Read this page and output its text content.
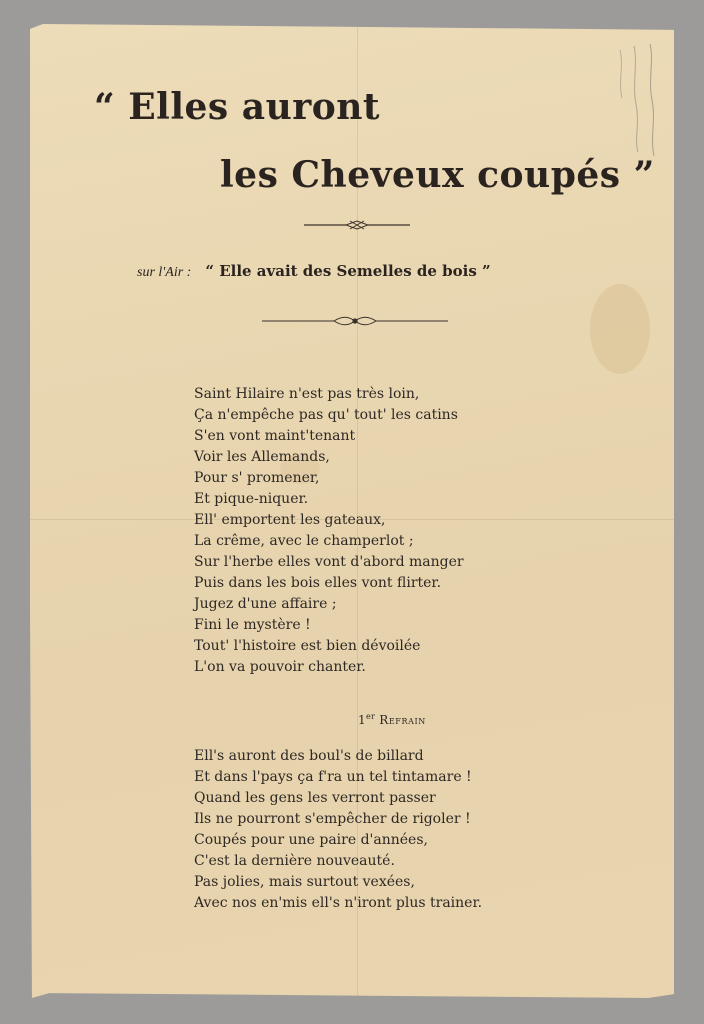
“ Elles auront
les Cheveux coupés ”
sur l'Air : “ Elle avait des Semelles de bois ”
Saint Hilaire n'est pas très loin,
Ça n'empêche pas qu' tout' les catins
S'en vont maint'tenant
Voir les Allemands,
Pour s' promener,
Et pique-niquer.
Ell' emportent les gateaux,
La crême, avec le champerlot ;
Sur l'herbe elles vont d'abord manger
Puis dans les bois elles vont flirter.
Jugez d'une affaire ;
Fini le mystère !
Tout' l'histoire est bien dévoilée
L'on va pouvoir chanter.
1er Refrain
Ell's auront des boul's de billard
Et dans l'pays ça f'ra un tel tintamare !
Quand les gens les verront passer
Ils ne pourront s'empêcher de rigoler !
Coupés pour une paire d'années,
C'est la dernière nouveauté.
Pas jolies, mais surtout vexées,
Avec nos en'mis ell's n'iront plus trainer.
